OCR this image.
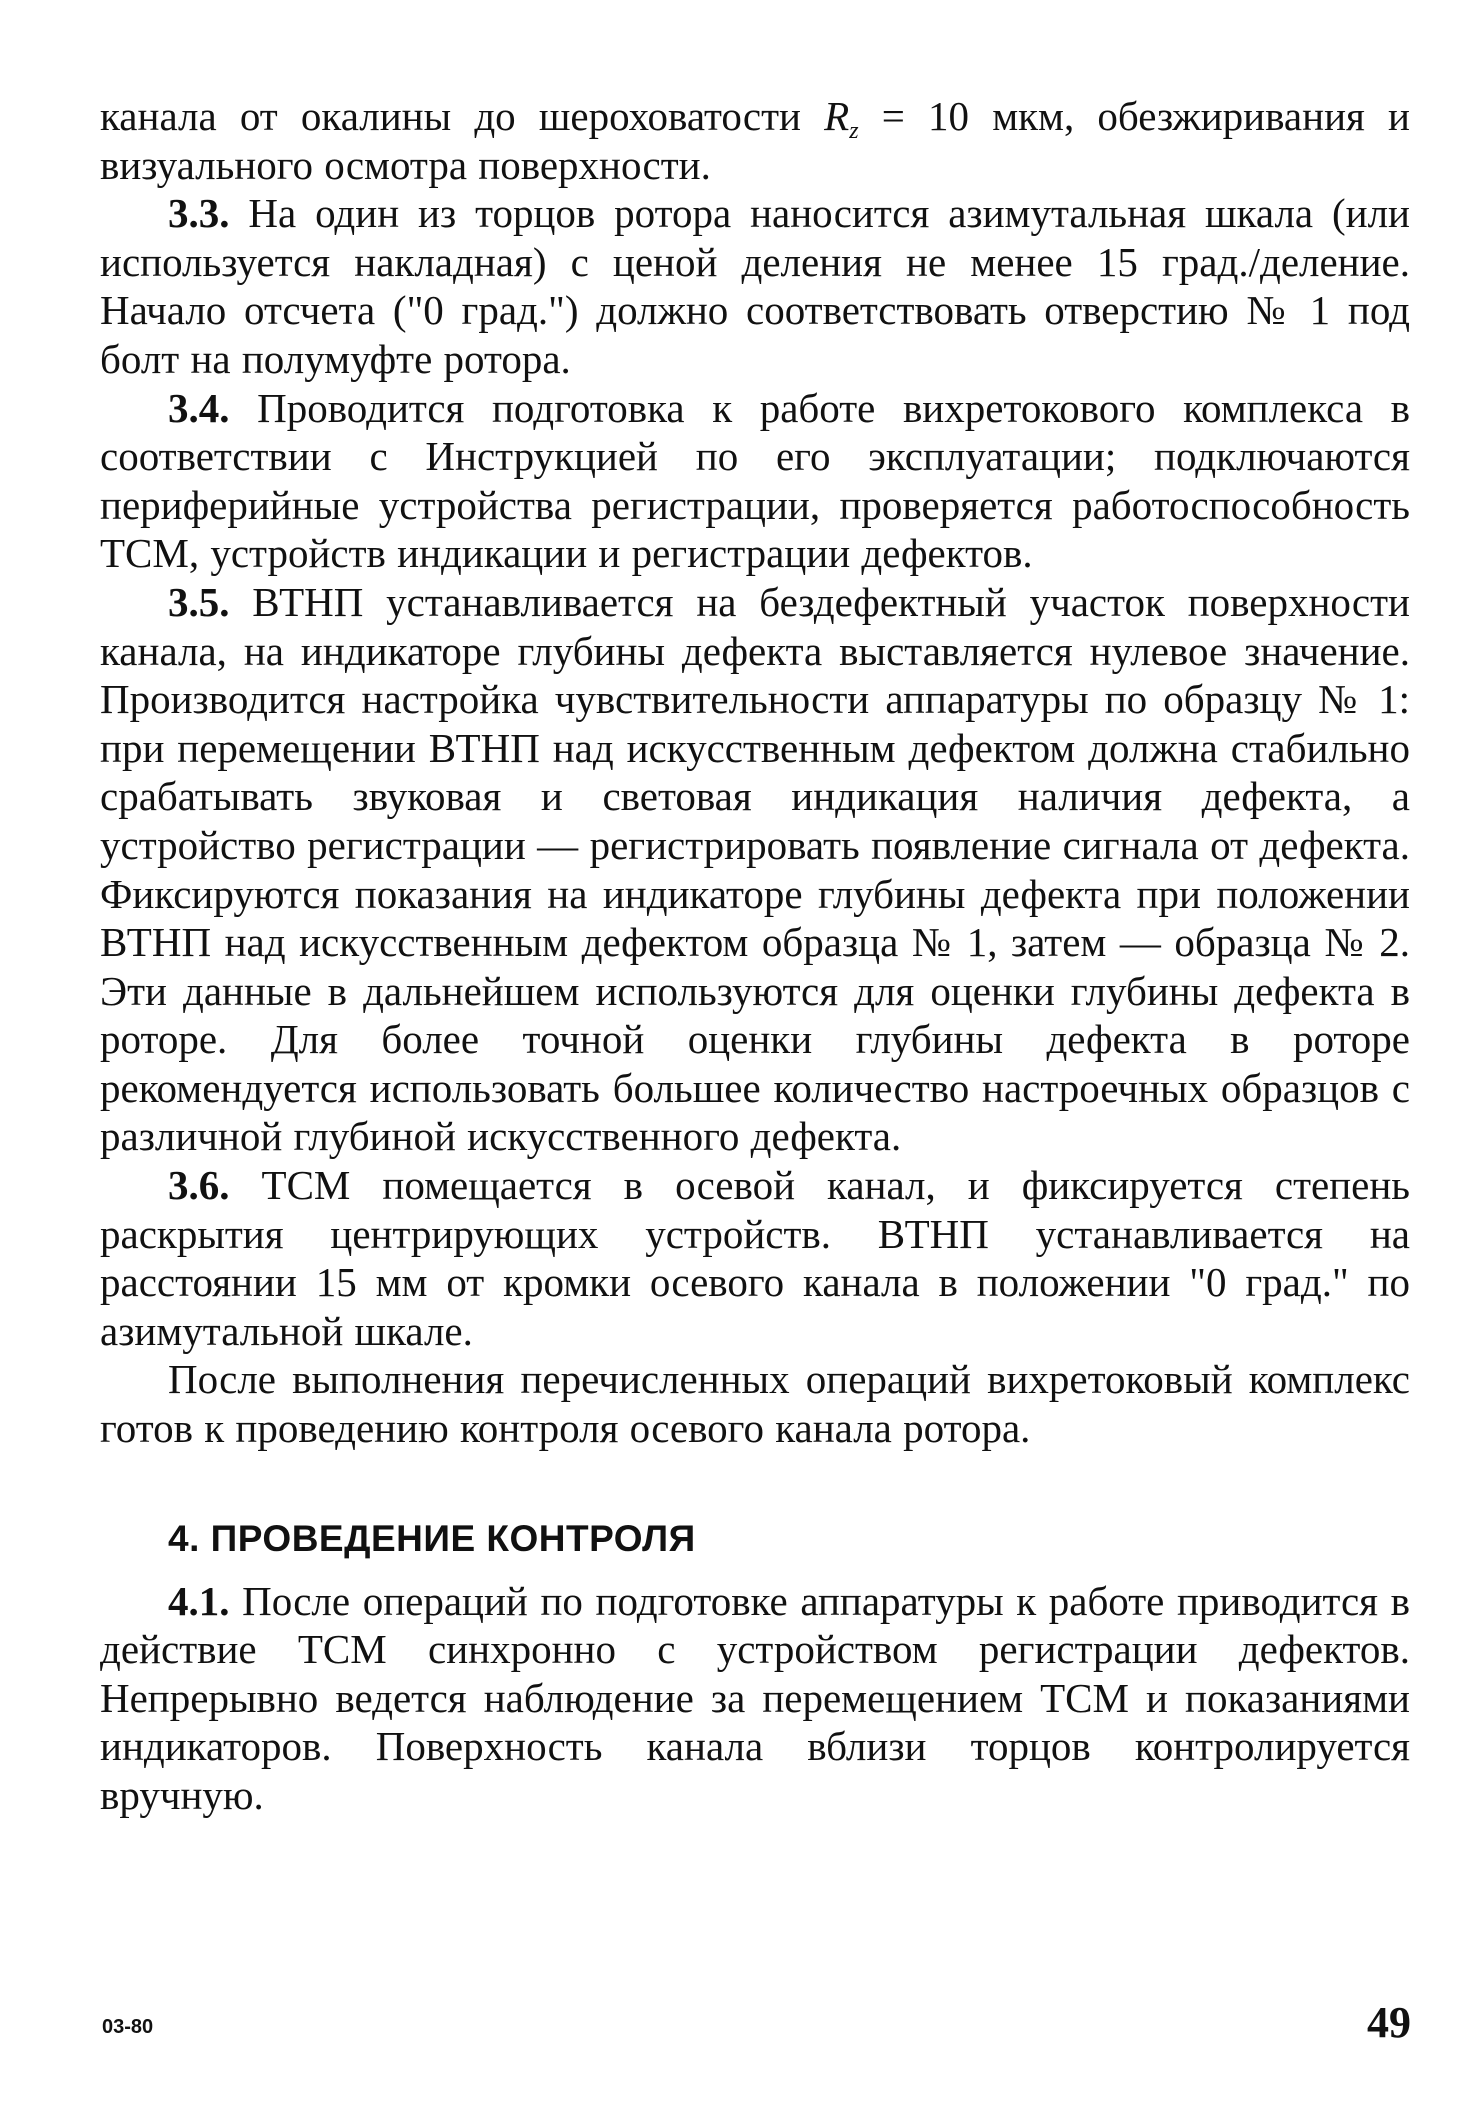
канала от окалины до шероховатости $R_z = 10$ мкм, обезжиривания и визуального осмотра поверхности.

3.3. На один из торцов ротора наносится азимутальная шкала (или используется накладная) с ценой деления не менее 15 град./деление. Начало отсчета ("0 град.") должно соответствовать отверстию № 1 под болт на полумуфте ротора.

3.4. Проводится подготовка к работе вихретокового комплекса в соответствии с Инструкцией по его эксплуатации; подключаются периферийные устройства регистрации, проверяется работоспособность ТСМ, устройств индикации и регистрации дефектов.

3.5. ВТНП устанавливается на бездефектный участок поверхности канала, на индикаторе глубины дефекта выставляется нулевое значение. Производится настройка чувствительности аппаратуры по образцу № 1: при перемещении ВТНП над искусственным дефектом должна стабильно срабатывать звуковая и световая индикация наличия дефекта, а устройство регистрации — регистрировать появление сигнала от дефекта. Фиксируются показания на индикаторе глубины дефекта при положении ВТНП над искусственным дефектом образца № 1, затем — образца № 2. Эти данные в дальнейшем используются для оценки глубины дефекта в роторе. Для более точной оценки глубины дефекта в роторе рекомендуется использовать большее количество настроечных образцов с различной глубиной искусственного дефекта.

3.6. ТСМ помещается в осевой канал, и фиксируется степень раскрытия центрирующих устройств. ВТНП устанавливается на расстоянии 15 мм от кромки осевого канала в положении "0 град." по азимутальной шкале.

После выполнения перечисленных операций вихретоковый комплекс готов к проведению контроля осевого канала ротора.

4. ПРОВЕДЕНИЕ КОНТРОЛЯ

4.1. После операций по подготовке аппаратуры к работе приводится в действие ТСМ синхронно с устройством регистрации дефектов. Непрерывно ведется наблюдение за перемещением ТСМ и показаниями индикаторов. Поверхность канала вблизи торцов контролируется вручную.

03-80	49
